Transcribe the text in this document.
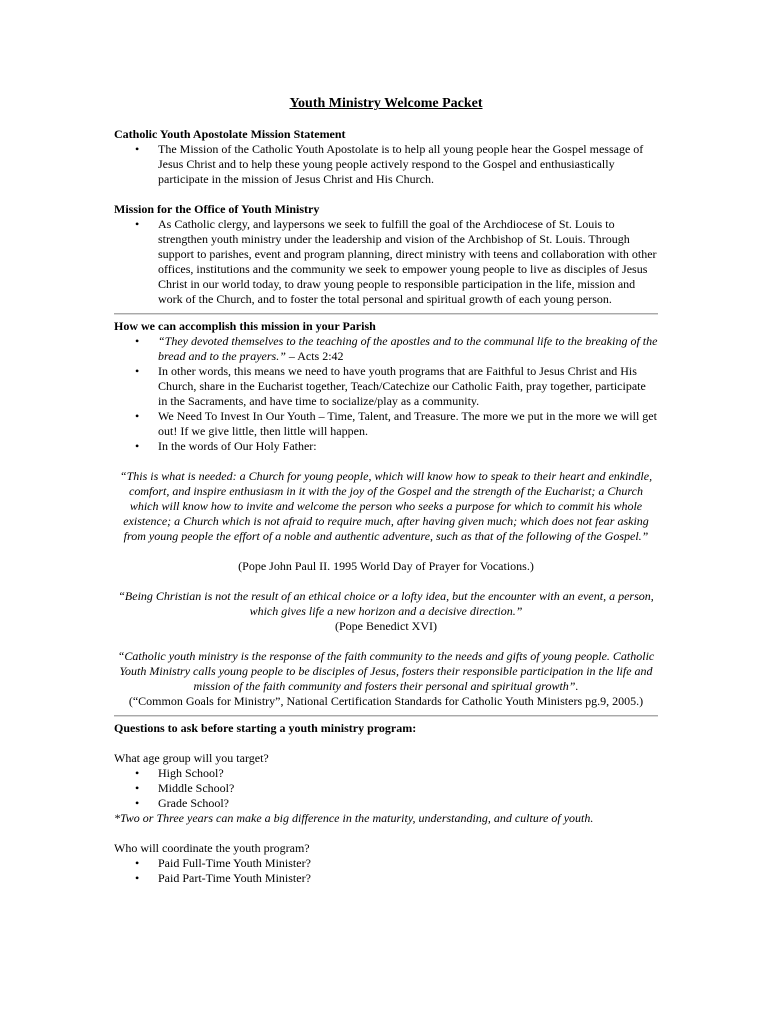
Youth Ministry Welcome Packet

Catholic Youth Apostolate Mission Statement

• The Mission of the Catholic Youth Apostolate is to help all young people hear the Gospel message of Jesus Christ and to help these young people actively respond to the Gospel and enthusiastically participate in the mission of Jesus Christ and His Church.

Mission for the Office of Youth Ministry

• As Catholic clergy, and laypersons we seek to fulfill the goal of the Archdiocese of St. Louis to strengthen youth ministry under the leadership and vision of the Archbishop of St. Louis. Through support to parishes, event and program planning, direct ministry with teens and collaboration with other offices, institutions and the community we seek to empower young people to live as disciples of Jesus Christ in our world today, to draw young people to responsible participation in the life, mission and work of the Church, and to foster the total personal and spiritual growth of each young person.

How we can accomplish this mission in your Parish

• “They devoted themselves to the teaching of the apostles and to the communal life to the breaking of the bread and to the prayers.” – Acts 2:42
• In other words, this means we need to have youth programs that are Faithful to Jesus Christ and His Church, share in the Eucharist together, Teach/Catechize our Catholic Faith, pray together, participate in the Sacraments, and have time to socialize/play as a community.
• We Need To Invest In Our Youth – Time, Talent, and Treasure. The more we put in the more we will get out! If we give little, then little will happen.
• In the words of Our Holy Father:

“This is what is needed: a Church for young people, which will know how to speak to their heart and enkindle, comfort, and inspire enthusiasm in it with the joy of the Gospel and the strength of the Eucharist; a Church which will know how to invite and welcome the person who seeks a purpose for which to commit his whole existence; a Church which is not afraid to require much, after having given much; which does not fear asking from young people the effort of a noble and authentic adventure, such as that of the following of the Gospel.”

(Pope John Paul II. 1995 World Day of Prayer for Vocations.)

“Being Christian is not the result of an ethical choice or a lofty idea, but the encounter with an event, a person, which gives life a new horizon and a decisive direction.”

(Pope Benedict XVI)

“Catholic youth ministry is the response of the faith community to the needs and gifts of young people. Catholic Youth Ministry calls young people to be disciples of Jesus, fosters their responsible participation in the life and mission of the faith community and fosters their personal and spiritual growth”.

(“Common Goals for Ministry”, National Certification Standards for Catholic Youth Ministers pg.9, 2005.)

Questions to ask before starting a youth ministry program:

What age group will you target?

• High School?
• Middle School?
• Grade School?

*Two or Three years can make a big difference in the maturity, understanding, and culture of youth.

Who will coordinate the youth program?

• Paid Full-Time Youth Minister?
• Paid Part-Time Youth Minister?
